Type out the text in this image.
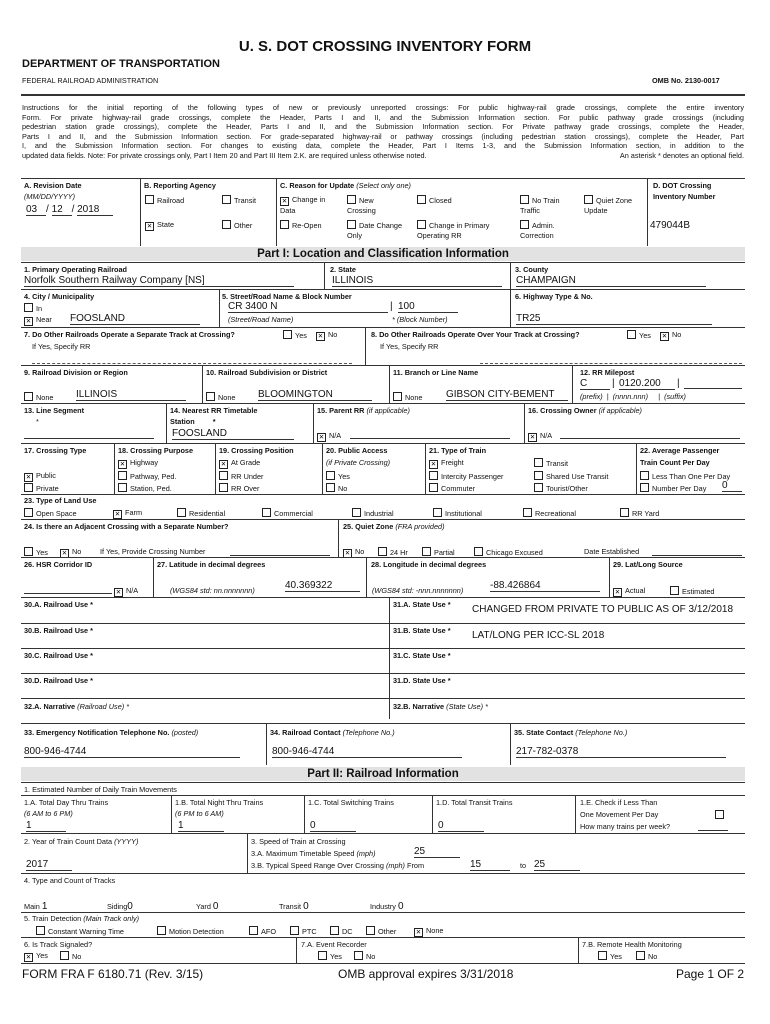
U. S. DOT CROSSING INVENTORY FORM
DEPARTMENT OF TRANSPORTATION
FEDERAL RAILROAD ADMINISTRATION	OMB No. 2130-0017
Instructions for the initial reporting of the following types of new or previously unreported crossings: For public highway-rail grade crossings, complete the entire inventory
Form. For private highway-rail grade crossings, complete the Header, Parts I and II, and the Submission Information section. For public pathway grade crossings (including
pedestrian station grade crossings), complete the Header, Parts I and II, and the Submission Information section. For Private pathway grade crossings, complete the Header,
Parts I and II, and the Submission Information section. For grade-separated highway-rail or pathway crossings (including pedestrian station crossings), complete the Header, Part
I, and the Submission Information section. For changes to existing data, complete the Header, Part I Items 1-3, and the Submission Information section, in addition to the
updated data fields. Note: For private crossings only, Part I Item 20 and Part III Item 2.K. are required unless otherwise noted.	An asterisk * denotes an optional field.
A. Revision Date
(MM/DD/YYYY)
03 / 12 / 2018
B. Reporting Agency
Railroad	Transit
✕ State	Other
C. Reason for Update (Select only one)
✕ Change in Data
New Crossing
Closed	No Train Traffic
Quiet Zone Update
Re-Open	Date Change Only
Change in Primary Operating RR
Admin. Correction
D. DOT Crossing
Inventory Number
479044B
Part I: Location and Classification Information
1. Primary Operating Railroad
Norfolk Southern Railway Company [NS]
2. State
ILLINOIS
3. County
CHAMPAIGN
4. City / Municipality
In
✕ Near FOOSLAND
5. Street/Road Name & Block Number
CR 3400 N	| 100
(Street/Road Name)	* (Block Number)
6. Highway Type & No.
TR25
7. Do Other Railroads Operate a Separate Track at Crossing?	Yes ✕ No
If Yes, Specify RR
8. Do Other Railroads Operate Over Your Track at Crossing?	Yes ✕ No
If Yes, Specify RR
9. Railroad Division or Region
None ILLINOIS
10. Railroad Subdivision or District
None BLOOMINGTON
11. Branch or Line Name
None GIBSON CITY-BEMENT
12. RR Milepost
C	| 0120.200	|
(prefix)  |  (nnnn.nnn)     |  (suffix)
13. Line Segment
*
14. Nearest RR Timetable
Station *
FOOSLAND
15. Parent RR (if applicable)
✕ N/A
16. Crossing Owner (if applicable)
✕ N/A
17. Crossing Type
✕ Public
Private
18. Crossing Purpose
✕ Highway
Pathway, Ped.
Station, Ped.
19. Crossing Position
✕ At Grade
RR Under
RR Over
20. Public Access
(if Private Crossing)
Yes
No
21. Type of Train
✕ Freight	Transit
Intercity Passenger	Shared Use Transit
Commuter	Tourist/Other
22. Average Passenger
Train Count Per Day
Less Than One Per Day
Number Per Day 0
23. Type of Land Use
Open Space	✕ Farm	Residential	Commercial	Industrial	Institutional	Recreational	RR Yard
24. Is there an Adjacent Crossing with a Separate Number?
Yes ✕ No	If Yes, Provide Crossing Number
25. Quiet Zone (FRA provided)
✕ No	24 Hr	Partial	Chicago Excused	Date Established
26. HSR Corridor ID
✕ N/A
27. Latitude in decimal degrees
(WGS84 std: nn.nnnnnnn)	40.369322
28. Longitude in decimal degrees
(WGS84 std: -nnn.nnnnnnn)	-88.426864
29. Lat/Long Source
✕ Actual	Estimated
30.A. Railroad Use *	31.A. State Use * CHANGED FROM PRIVATE TO PUBLIC AS OF 3/12/2018
30.B. Railroad Use *	31.B. State Use * LAT/LONG PER ICC-SL 2018
30.C. Railroad Use *	31.C. State Use *
30.D. Railroad Use *	31.D. State Use *
32.A. Narrative (Railroad Use) *	32.B. Narrative (State Use) *
33. Emergency Notification Telephone No. (posted)
800-946-4744
34. Railroad Contact (Telephone No.)
800-946-4744
35. State Contact (Telephone No.)
217-782-0378
Part II: Railroad Information
1. Estimated Number of Daily Train Movements
1.A. Total Day Thru Trains
(6 AM to 6 PM)
1
1.B. Total Night Thru Trains
(6 PM to 6 AM)
1
1.C. Total Switching Trains
0
1.D. Total Transit Trains
0
1.E. Check if Less Than
One Movement Per Day
How many trains per week?
2. Year of Train Count Data (YYYY)
2017
3. Speed of Train at Crossing
3.A. Maximum Timetable Speed (mph)	25
3.B. Typical Speed Range Over Crossing (mph) From	15	to 25
4. Type and Count of Tracks
Main 1	Siding0	Yard 0	Transit 0	Industry 0
5. Train Detection (Main Track only)
Constant Warning Time	Motion Detection	AFO	PTC	DC	Other	✕ None
6. Is Track Signaled?
✕ Yes	No
7.A. Event Recorder
Yes	No
7.B. Remote Health Monitoring
Yes	No
FORM FRA F 6180.71 (Rev. 3/15)	OMB approval expires 3/31/2018	Page 1 OF 2
